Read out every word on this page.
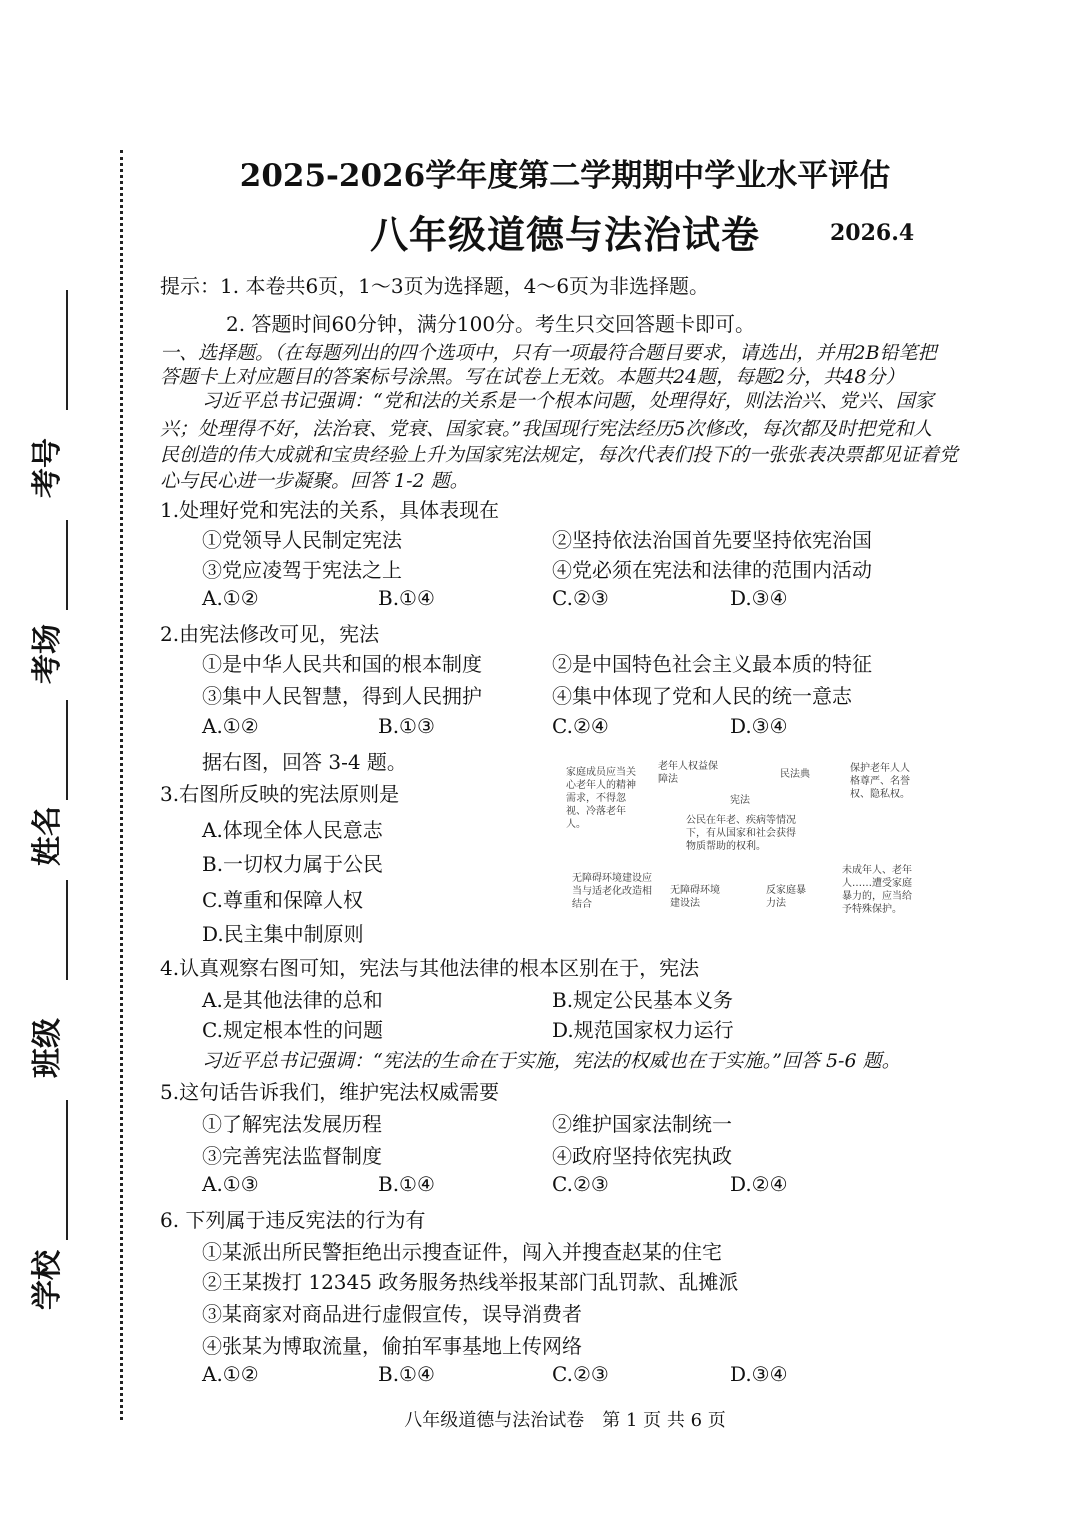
考号
考场
姓名
班级
学校
2025-2026学年度第二学期期中学业水平评估
八年级道德与法治试卷	2026.4
提示：1. 本卷共6页，1～3页为选择题，4～6页为非选择题。
2. 答题时间60分钟，满分100分。考生只交回答题卡即可。
一、选择题。（在每题列出的四个选项中，只有一项最符合题目要求，请选出，并用2B铅笔把
答题卡上对应题目的答案标号涂黑。写在试卷上无效。本题共24题，每题2分，共48分）
习近平总书记强调：“党和法的关系是一个根本问题，处理得好，则法治兴、党兴、国家
兴；处理得不好，法治衰、党衰、国家衰。”我国现行宪法经历5次修改，每次都及时把党和人
民创造的伟大成就和宝贵经验上升为国家宪法规定，每次代表们投下的一张张表决票都见证着党
心与民心进一步凝聚。回答 1-2 题。
1.处理好党和宪法的关系，具体表现在
①党领导人民制定宪法	②坚持依法治国首先要坚持依宪治国
③党应凌驾于宪法之上	④党必须在宪法和法律的范围内活动
A.①②	B.①④	C.②③	D.③④
2.由宪法修改可见，宪法
①是中华人民共和国的根本制度	②是中国特色社会主义最本质的特征
③集中人民智慧，得到人民拥护	④集中体现了党和人民的统一意志
A.①②	B.①③	C.②④	D.③④
据右图，回答 3-4 题。	家庭成员应当关心老年人的精神需求，不得忽视、冷落老年人。
老年人权益保障法	民法典
保护老年人人格尊严、名誉权、隐私权。
宪法
公民在年老、疾病等情况下，有从国家和社会获得物质帮助的权利。
无障碍环境建设应当与适老化改造相结合
无障碍环境建设法
反家庭暴力法
未成年人、老年人……遭受家庭暴力的，应当给予特殊保护。
3.右图所反映的宪法原则是
A.体现全体人民意志
B.一切权力属于公民
C.尊重和保障人权
D.民主集中制原则
4.认真观察右图可知，宪法与其他法律的根本区别在于，宪法
A.是其他法律的总和	B.规定公民基本义务
C.规定根本性的问题	D.规范国家权力运行
习近平总书记强调：“宪法的生命在于实施，宪法的权威也在于实施。”回答 5-6 题。
5.这句话告诉我们，维护宪法权威需要
①了解宪法发展历程	②维护国家法制统一
③完善宪法监督制度	④政府坚持依宪执政
A.①③	B.①④	C.②③	D.②④
6. 下列属于违反宪法的行为有
①某派出所民警拒绝出示搜查证件，闯入并搜查赵某的住宅
②王某拨打 12345 政务服务热线举报某部门乱罚款、乱摊派
③某商家对商品进行虚假宣传，误导消费者
④张某为博取流量，偷拍军事基地上传网络
A.①②	B.①④	C.②③	D.③④
八年级道德与法治试卷　第 1 页 共 6 页
